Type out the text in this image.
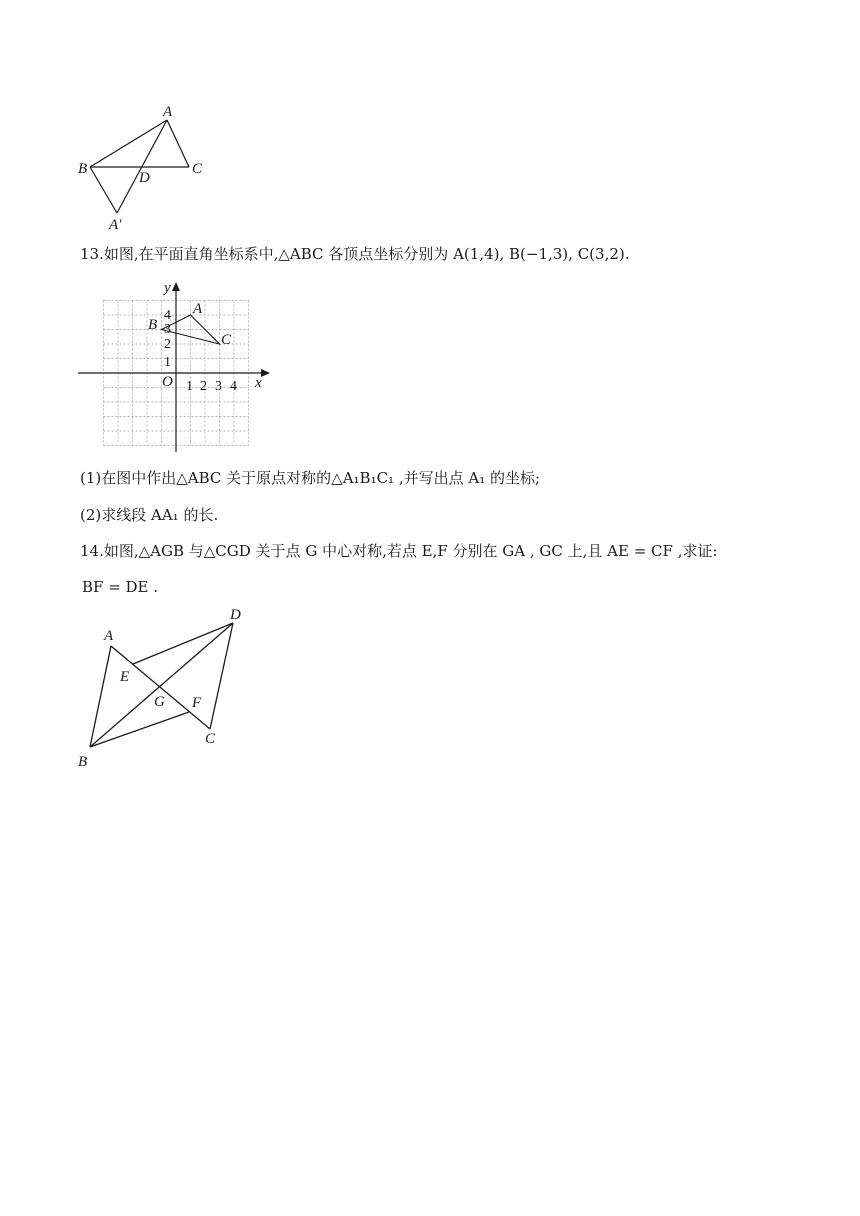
A
B	C
D
A′
13.如图,在平面直角坐标系中,△ABC 各顶点坐标分别为 A(1,4), B(−1,3), C(3,2).
y
x
O 1 2 3 4
1
2
3
4 A
B
C
(1)在图中作出△ABC 关于原点对称的△A₁B₁C₁ ,并写出点 A₁ 的坐标;
(2)求线段 AA₁ 的长.
14.如图,△AGB 与△CGD 关于点 G 中心对称,若点 E,F 分别在 GA , GC 上,且 AE = CF ,求证:
BF = DE .
A
B
C
D
E
F
G
